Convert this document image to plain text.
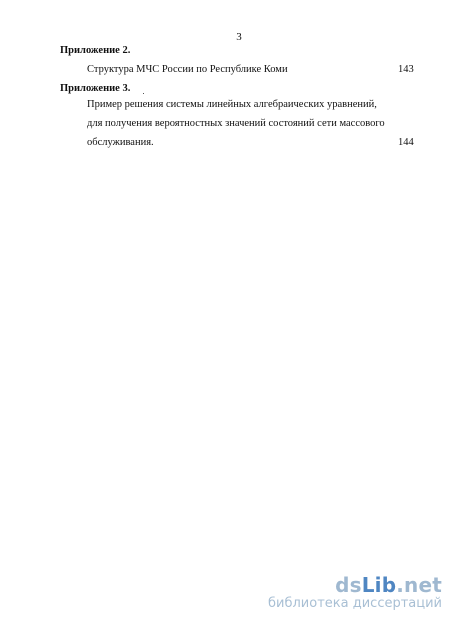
3
Приложение 2.
Структура МЧС России по Республике Коми	143
Приложение 3.
Пример решения системы линейных алгебраических уравнений,
для получения вероятностных значений состояний сети массового
обслуживания.	144
dsLib.net
библиотека диссертаций
